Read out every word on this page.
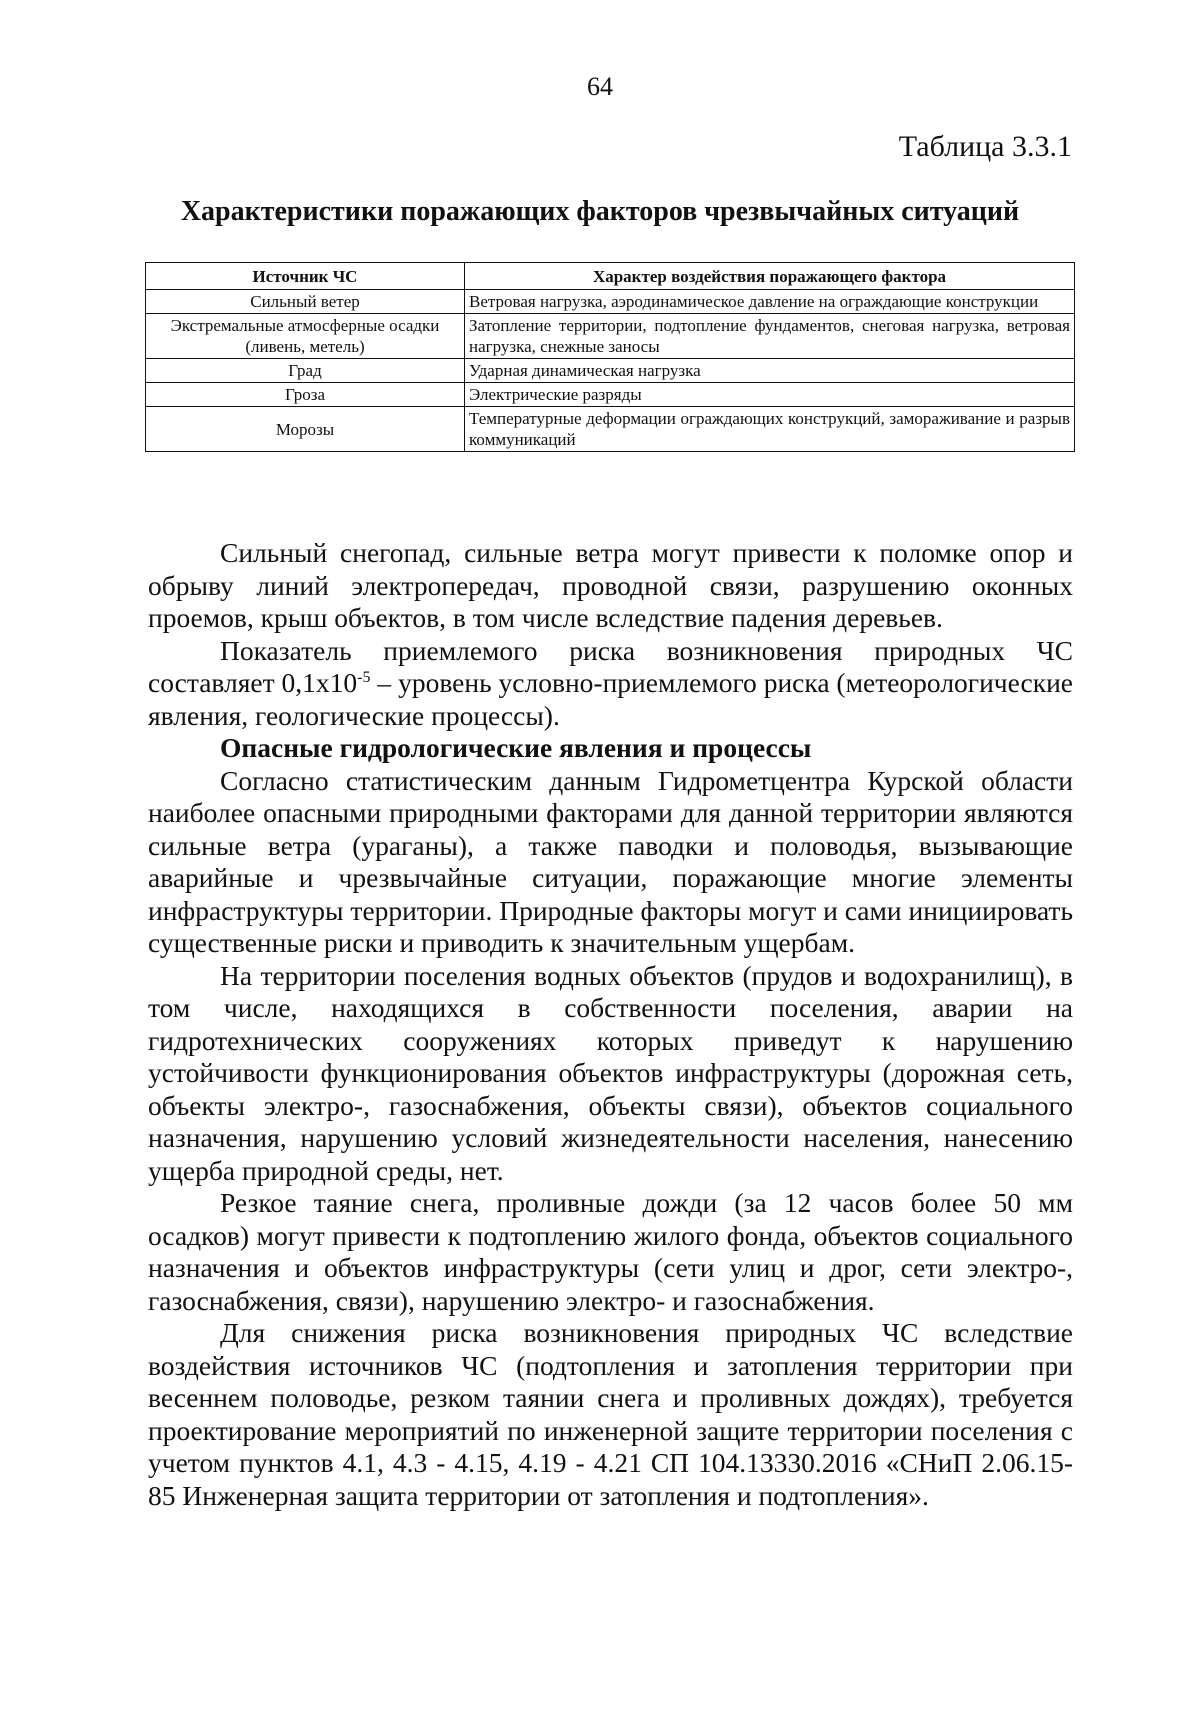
64
Таблица 3.3.1
Характеристики поражающих факторов чрезвычайных ситуаций
Источник ЧС	Характер воздействия поражающего фактора
Сильный ветер	Ветровая нагрузка, аэродинамическое давление на ограждающие конструкции
Экстремальные атмосферные осадки (ливень, метель)	Затопление территории, подтопление фундаментов, снеговая нагрузка, ветровая нагрузка, снежные заносы
Град	Ударная динамическая нагрузка
Гроза	Электрические разряды
Морозы	Температурные деформации ограждающих конструкций, замораживание и разрыв коммуникаций

Сильный снегопад, сильные ветра могут привести к поломке опор и обрыву линий электропередач, проводной связи, разрушению оконных проемов, крыш объектов, в том числе вследствие падения деревьев.

Показатель приемлемого риска возникновения природных ЧС составляет $0,1х10^{-5}$ – уровень условно-приемлемого риска (метеорологические явления, геологические процессы).

Опасные гидрологические явления и процессы

Согласно статистическим данным Гидрометцентра Курской области наиболее опасными природными факторами для данной территории являются сильные ветра (ураганы), а также паводки и половодья, вызывающие аварийные и чрезвычайные ситуации, поражающие многие элементы инфраструктуры территории. Природные факторы могут и сами инициировать существенные риски и приводить к значительным ущербам.

На территории поселения водных объектов (прудов и водохранилищ), в том числе, находящихся в собственности поселения, аварии на гидротехнических сооружениях которых приведут к нарушению устойчивости функционирования объектов инфраструктуры (дорожная сеть, объекты электро-, газоснабжения, объекты связи), объектов социального назначения, нарушению условий жизнедеятельности населения, нанесению ущерба природной среды, нет.

Резкое таяние снега, проливные дожди (за 12 часов более 50 мм осадков) могут привести к подтоплению жилого фонда, объектов социального назначения и объектов инфраструктуры (сети улиц и дрог, сети электро-, газоснабжения, связи), нарушению электро- и газоснабжения.

Для снижения риска возникновения природных ЧС вследствие воздействия источников ЧС (подтопления и затопления территории при весеннем половодье, резком таянии снега и проливных дождях), требуется проектирование мероприятий по инженерной защите территории поселения с учетом пунктов 4.1, 4.3 - 4.15, 4.19 - 4.21 СП 104.13330.2016 «СНиП 2.06.15-85 Инженерная защита территории от затопления и подтопления».
